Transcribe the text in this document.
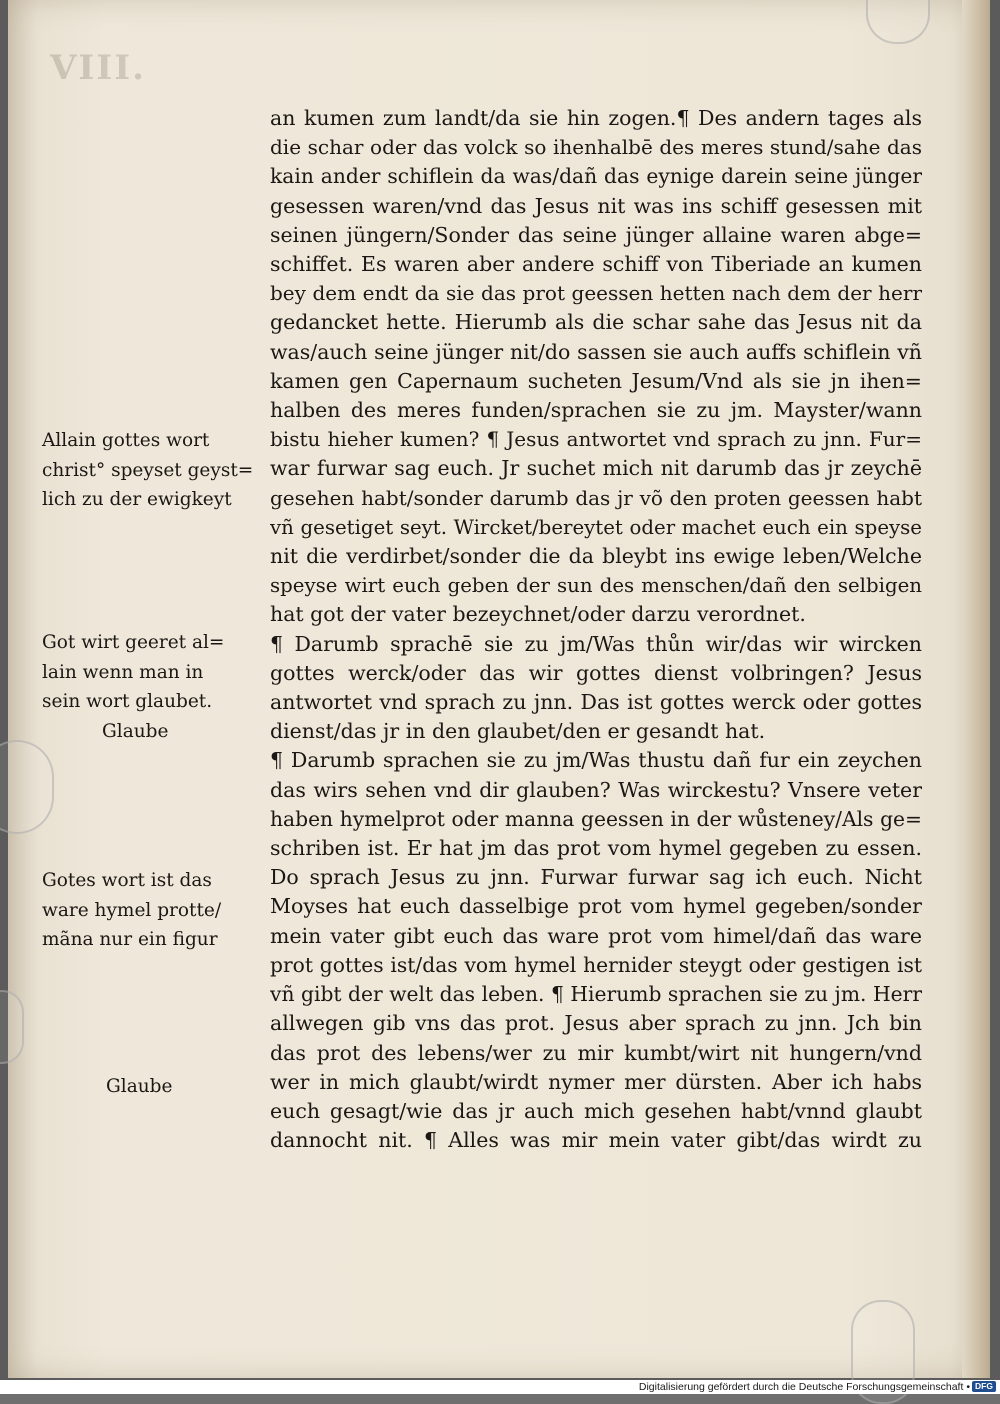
VIII.
an kumen zum landt/da sie hin zogen.¶ Des andern tages als
die schar oder das volck so ihenhalbē des meres stund/sahe das
kain ander schiflein da was/dañ das eynige darein seine jünger
gesessen waren/vnd das Jesus nit was ins schiff gesessen mit
seinen jüngern/Sonder das seine jünger allaine waren abge=
schiffet. Es waren aber andere schiff von Tiberiade an kumen
bey dem endt da sie das prot geessen hetten nach dem der herr
gedancket hette. Hierumb als die schar sahe das Jesus nit da
was/auch seine jünger nit/do sassen sie auch auffs schiflein vñ
kamen gen Capernaum sucheten Jesum/Vnd als sie jn ihen=
halben des meres funden/sprachen sie zu jm. Mayster/wann
bistu hieher kumen? ¶ Jesus antwortet vnd sprach zu jnn. Fur=
war furwar sag euch. Jr suchet mich nit darumb das jr zeychē
gesehen habt/sonder darumb das jr võ den proten geessen habt
vñ gesetiget seyt. Wircket/bereytet oder machet euch ein speyse
nit die verdirbet/sonder die da bleybt ins ewige leben/Welche
speyse wirt euch geben der sun des menschen/dañ den selbigen
hat got der vater bezeychnet/oder darzu verordnet.
¶ Darumb sprachē sie zu jm/Was thůn wir/das wir wircken
gottes werck/oder das wir gottes dienst volbringen? Jesus
antwortet vnd sprach zu jnn. Das ist gottes werck oder gottes
dienst/das jr in den glaubet/den er gesandt hat.
¶ Darumb sprachen sie zu jm/Was thustu dañ fur ein zeychen
das wirs sehen vnd dir glauben? Was wirckestu? Vnsere veter
haben hymelprot oder manna geessen in der wůsteney/Als ge=
schriben ist. Er hat jm das prot vom hymel gegeben zu essen.
Do sprach Jesus zu jnn. Furwar furwar sag ich euch. Nicht
Moyses hat euch dasselbige prot vom hymel gegeben/sonder
mein vater gibt euch das ware prot vom himel/dañ das ware
prot gottes ist/das vom hymel hernider steygt oder gestigen ist
vñ gibt der welt das leben. ¶ Hierumb sprachen sie zu jm. Herr
allwegen gib vns das prot. Jesus aber sprach zu jnn. Jch bin
das prot des lebens/wer zu mir kumbt/wirt nit hungern/vnd
wer in mich glaubt/wirdt nymer mer dürsten. Aber ich habs
euch gesagt/wie das jr auch mich gesehen habt/vnnd glaubt
dannocht nit. ¶ Alles was mir mein vater gibt/das wirdt zu
Allain gottes wort
christ° speyset geyst=
lich zu der ewigkeyt
Got wirt geeret al=
lain wenn man in
sein wort glaubet.
Glaube
Gotes wort ist das
ware hymel protte/
mãna nur ein figur
Glaube
Digitalisierung gefördert durch die Deutsche Forschungsgemeinschaft • DFG
